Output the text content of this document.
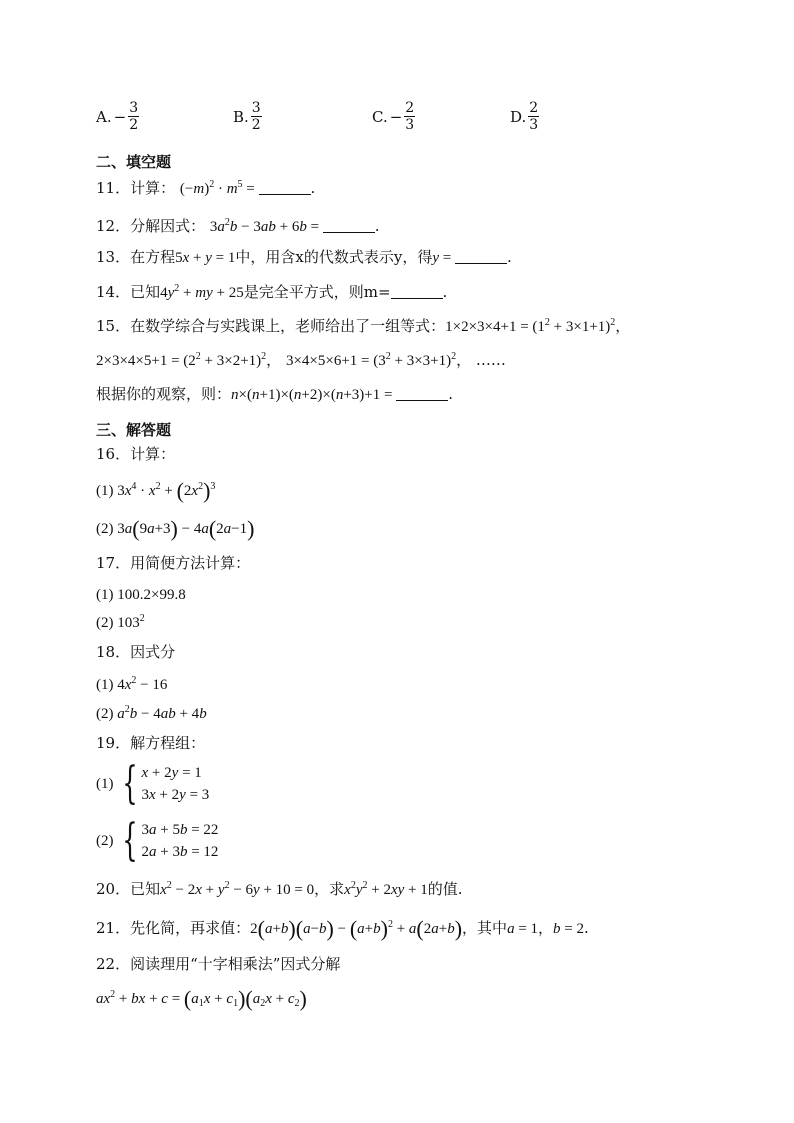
A. − $\frac{3}{2}$	B. $\frac{3}{2}$	C. − $\frac{2}{3}$	D. $\frac{2}{3}$
二、填空题
11．计算： $(-m)^2 \cdot m^5$ =	.
12．分解因式： $3a^2b - 3ab + 6b$ =	.
13．在方程5x + y = 1中，用含x的代数式表示y，得y =	.
14．已知$4y^2$ + my + 25是完全平方式，则m=	.
15．在数学综合与实践课上，老师给出了一组等式：$1\times 2\times 3\times 4+1 = (1^2 + 3\times 1+1)^2$，
$2\times 3\times 4\times 5+1 = (2^2 + 3\times 2+1)^2$， $3\times 4\times 5\times 6+1 = (3^2 + 3\times 3+1)^2$， ……
根据你的观察，则：n×(n+1)×(n+2)×(n+3)+1 =	.
三、解答题
16．计算：
(1) $3x^4 \cdot x^2 + (2x^2)^3$
(2) 3a(9a+3) − 4a(2a−1)
17．用简便方法计算：
(1) 100.2×99.8
(2) $103^2$
18．因式分
(1) $4x^2 - 16$
(2) $a^2b - 4ab + 4b$
19．解方程组：
(1) { x + 2y = 1
3x + 2y = 3
(2) { 3a + 5b = 22
2a + 3b = 12
20．已知$x^2 - 2x + y^2 - 6y + 10 = 0$，求$x^2y^2 + 2xy + 1$的值.
21．先化简，再求值：$2(a+b)(a-b) - (a+b)^2 + a(2a+b)$，其中a = 1，b = 2.
22．阅读理用“十字相乘法”因式分解
$ax^2$ + bx + $c = (a_1x + c_1)(a_2x + c_2)$
